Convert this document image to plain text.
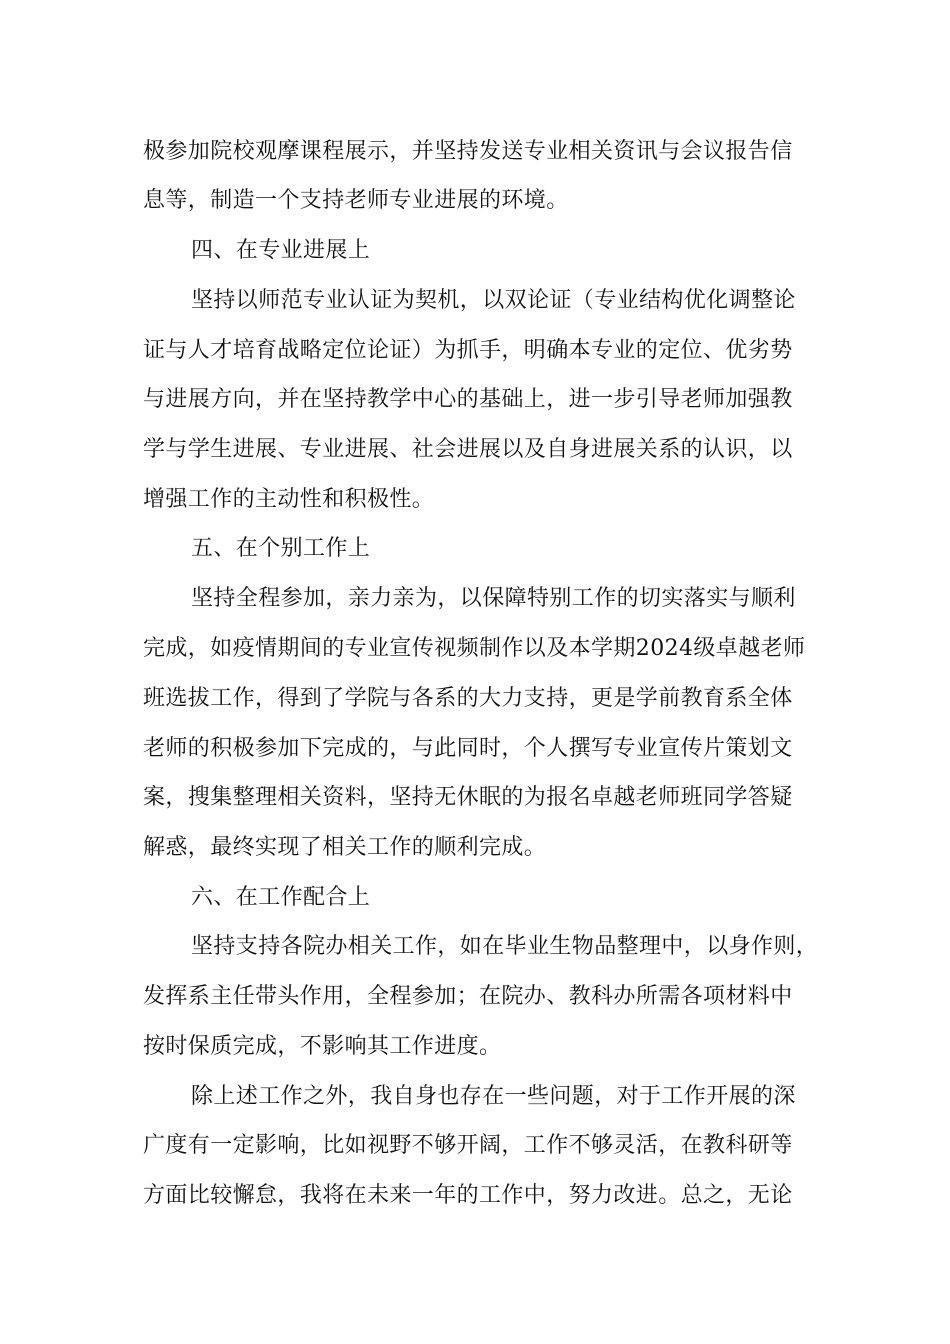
极参加院校观摩课程展示，并坚持发送专业相关资讯与会议报告信
息等，制造一个支持老师专业进展的环境。
四、在专业进展上
坚持以师范专业认证为契机，以双论证（专业结构优化调整论
证与人才培育战略定位论证）为抓手，明确本专业的定位、优劣势
与进展方向，并在坚持教学中心的基础上，进一步引导老师加强教
学与学生进展、专业进展、社会进展以及自身进展关系的认识，以
增强工作的主动性和积极性。
五、在个别工作上
坚持全程参加，亲力亲为，以保障特别工作的切实落实与顺利
完成，如疫情期间的专业宣传视频制作以及本学期2024级卓越老师
班选拔工作，得到了学院与各系的大力支持，更是学前教育系全体
老师的积极参加下完成的，与此同时，个人撰写专业宣传片策划文
案，搜集整理相关资料，坚持无休眠的为报名卓越老师班同学答疑
解惑，最终实现了相关工作的顺利完成。
六、在工作配合上
坚持支持各院办相关工作，如在毕业生物品整理中，以身作则，
发挥系主任带头作用，全程参加；在院办、教科办所需各项材料中
按时保质完成，不影响其工作进度。
除上述工作之外，我自身也存在一些问题，对于工作开展的深
广度有一定影响，比如视野不够开阔，工作不够灵活，在教科研等
方面比较懈怠，我将在未来一年的工作中，努力改进。总之，无论
